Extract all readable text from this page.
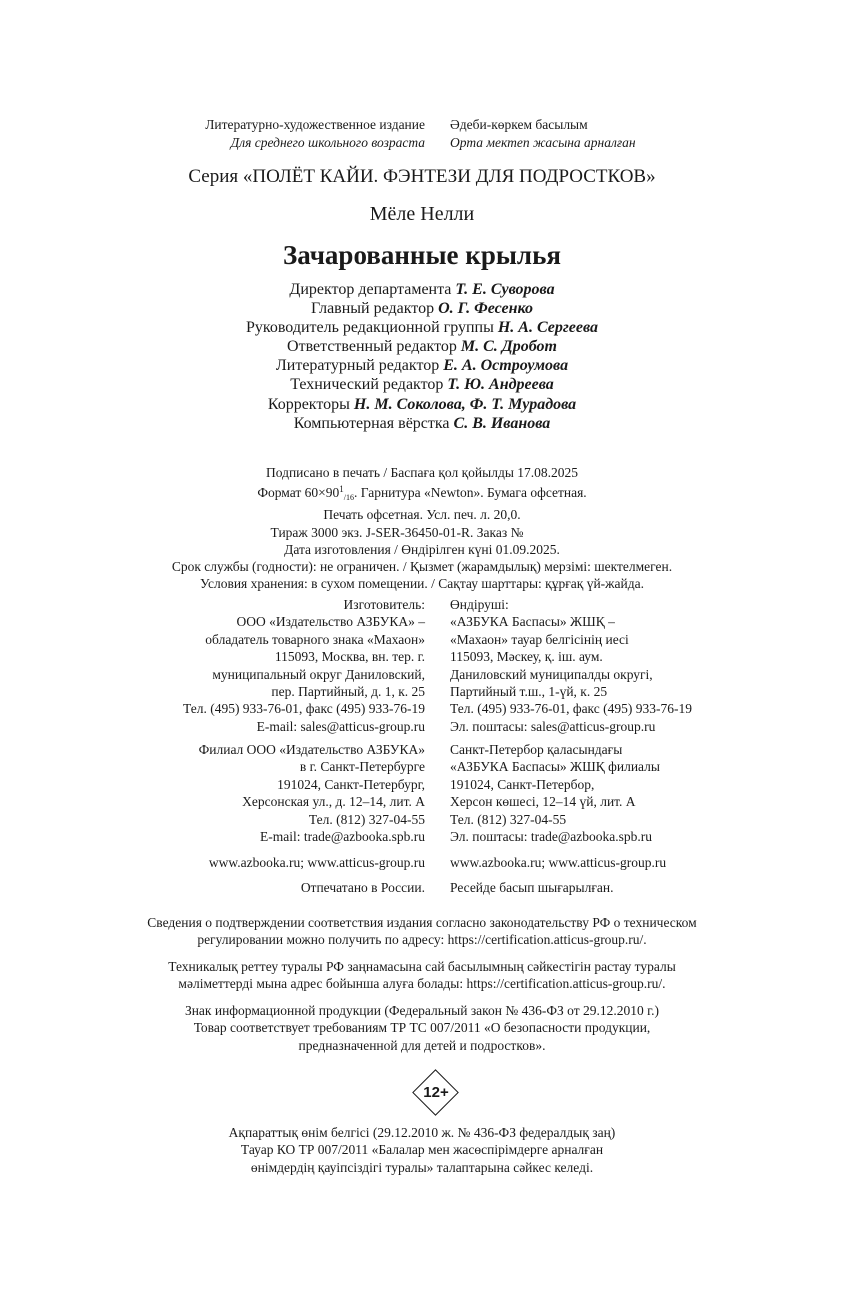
Литературно-художественное издание
Для среднего школьного возраста
Әдеби-көркем басылым
Орта мектеп жасына арналған
Серия «ПОЛЁТ КАЙИ. ФЭНТЕЗИ ДЛЯ ПОДРОСТКОВ»
Мёле Нелли
Зачарованные крылья
Директор департамента Т. Е. Суворова
Главный редактор О. Г. Фесенко
Руководитель редакционной группы Н. А. Сергеева
Ответственный редактор М. С. Дробот
Литературный редактор Е. А. Остроумова
Технический редактор Т. Ю. Андреева
Корректоры Н. М. Соколова, Ф. Т. Мурадова
Компьютерная вёрстка С. В. Иванова
Подписано в печать / Баспаға қол қойылды 17.08.2025
Формат $60\times 90^1_{/16}$. Гарнитура «Newton». Бумага офсетная.
Печать офсетная. Усл. печ. л. 20,0.
Тираж 3000 экз. J-SER-36450-01-R. Заказ №
Дата изготовления / Өндірілген күні 01.09.2025.
Срок службы (годности): не ограничен. / Қызмет (жарамдылық) мерзімі: шектелмеген.
Условия хранения: в сухом помещении. / Сақтау шарттары: құрғақ үй-жайда.
Изготовитель:
ООО «Издательство АЗБУКА» –
обладатель товарного знака «Махаон»
115093, Москва, вн. тер. г.
муниципальный округ Даниловский,
пер. Партийный, д. 1, к. 25
Тел. (495) 933-76-01, факс (495) 933-76-19
E-mail: sales@atticus-group.ru
Өндіруші:
«АЗБУКА Баспасы» ЖШҚ –
«Махаон» тауар белгісінің иесі
115093, Мәскеу, қ. іш. аум.
Даниловский муниципалды округі,
Партийный т.ш., 1-үй, к. 25
Тел. (495) 933-76-01, факс (495) 933-76-19
Эл. поштасы: sales@atticus-group.ru
Филиал ООО «Издательство АЗБУКА»
в г. Санкт-Петербурге
191024, Санкт-Петербург,
Херсонская ул., д. 12–14, лит. А
Тел. (812) 327-04-55
E-mail: trade@azbooka.spb.ru
Санкт-Петербор қаласындағы
«АЗБУКА Баспасы» ЖШҚ филиалы
191024, Санкт-Петербор,
Херсон көшесі, 12–14 үй, лит. А
Тел. (812) 327-04-55
Эл. поштасы: trade@azbooka.spb.ru
www.azbooka.ru; www.atticus-group.ru www.azbooka.ru; www.atticus-group.ru
Отпечатано в России. Ресейде басып шығарылған.
Сведения о подтверждении соответствия издания согласно законодательству РФ о техническом
регулировании можно получить по адресу: https://certification.atticus-group.ru/.
Техникалық реттеу туралы РФ заңнамасына сай басылымның сәйкестігін растау туралы
мәліметтерді мына адрес бойынша алуға болады: https://certification.atticus-group.ru/.
Знак информационной продукции (Федеральный закон № 436-ФЗ от 29.12.2010 г.)
Товар соответствует требованиям ТР ТС 007/2011 «О безопасности продукции,
предназначенной для детей и подростков».
12+
Ақпараттық өнім белгісі (29.12.2010 ж. № 436-ФЗ федералдық заң)
Тауар КО ТР 007/2011 «Балалар мен жасөспірімдерге арналған
өнімдердің қауіпсіздігі туралы» талаптарына сәйкес келеді.
